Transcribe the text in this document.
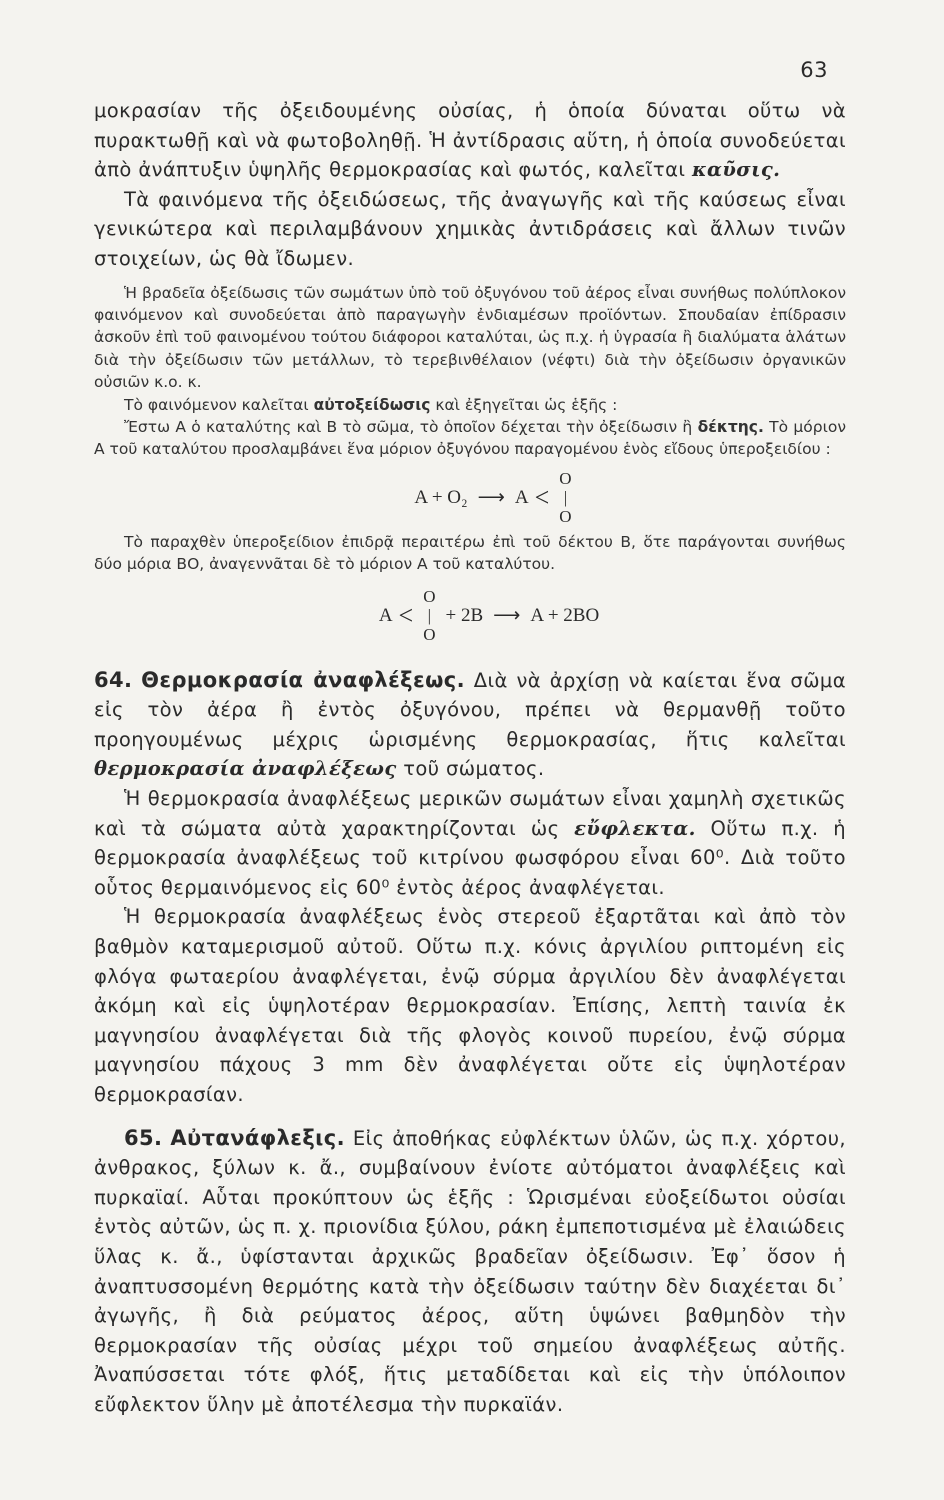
63

μοκρασίαν τῆς ὀξειδουμένης οὐσίας, ἡ ὁποία δύναται οὕτω νὰ πυρακτωθῇ καὶ νὰ φωτοβοληθῇ. Ἡ ἀντίδρασις αὕτη, ἡ ὁποία συνοδεύεται ἀπὸ ἀνάπτυξιν ὑψηλῆς θερμοκρασίας καὶ φωτός, καλεῖται καῦσις.

Τὰ φαινόμενα τῆς ὀξειδώσεως, τῆς ἀναγωγῆς καὶ τῆς καύσεως εἶναι γενικώτερα καὶ περιλαμβάνουν χημικὰς ἀντιδράσεις καὶ ἄλλων τινῶν στοιχείων, ὡς θὰ ἴδωμεν.

Ἡ βραδεῖα ὀξείδωσις τῶν σωμάτων ὑπὸ τοῦ ὀξυγόνου τοῦ ἀέρος εἶναι συνήθως πολύπλοκον φαινόμενον καὶ συνοδεύεται ἀπὸ παραγωγὴν ἐνδιαμέσων προϊόντων. Σπουδαίαν ἐπίδρασιν ἀσκοῦν ἐπὶ τοῦ φαινομένου τούτου διάφοροι καταλύται, ὡς π.χ. ἡ ὑγρασία ἢ διαλύματα ἁλάτων διὰ τὴν ὀξείδωσιν τῶν μετάλλων, τὸ τερεβινθέλαιον (νέφτι) διὰ τὴν ὀξείδωσιν ὀργανικῶν οὐσιῶν κ.ο. κ.

Τὸ φαινόμενον καλεῖται αὐτοξείδωσις καὶ ἐξηγεῖται ὡς ἑξῆς :

Ἔστω Α ὁ καταλύτης καὶ Β τὸ σῶμα, τὸ ὁποῖον δέχεται τὴν ὀξείδωσιν ἢ δέκτης. Τὸ μόριον Α τοῦ καταλύτου προσλαμβάνει ἕνα μόριον ὀξυγόνου παραγομένου ἑνὸς εἴδους ὑπεροξειδίου :

A + O₂ ⟶ A <
O
|
O

Τὸ παραχθὲν ὑπεροξείδιον ἐπιδρᾷ περαιτέρω ἐπὶ τοῦ δέκτου Β, ὅτε παράγονται συνήθως δύο μόρια ΒΟ, ἀναγεννᾶται δὲ τὸ μόριον Α τοῦ καταλύτου.

A <
O
|
O
+ 2B ⟶ A + 2BO

64. Θερμοκρασία ἀναφλέξεως. Διὰ νὰ ἀρχίσῃ νὰ καίεται ἕνα σῶμα εἰς τὸν ἀέρα ἢ ἐντὸς ὀξυγόνου, πρέπει νὰ θερμανθῇ τοῦτο προηγουμένως μέχρις ὡρισμένης θερμοκρασίας, ἥτις καλεῖται θερμοκρασία ἀναφλέξεως τοῦ σώματος.

Ἡ θερμοκρασία ἀναφλέξεως μερικῶν σωμάτων εἶναι χαμηλὴ σχετικῶς καὶ τὰ σώματα αὐτὰ χαρακτηρίζονται ὡς εὔφλεκτα. Οὕτω π.χ. ἡ θερμοκρασία ἀναφλέξεως τοῦ κιτρίνου φωσφόρου εἶναι 60⁰. Διὰ τοῦτο οὗτος θερμαινόμενος εἰς 60⁰ ἐντὸς ἀέρος ἀναφλέγεται.

Ἡ θερμοκρασία ἀναφλέξεως ἑνὸς στερεοῦ ἐξαρτᾶται καὶ ἀπὸ τὸν βαθμὸν καταμερισμοῦ αὐτοῦ. Οὕτω π.χ. κόνις ἀργιλίου ριπτομένη εἰς φλόγα φωταερίου ἀναφλέγεται, ἐνῷ σύρμα ἀργιλίου δὲν ἀναφλέγεται ἀκόμη καὶ εἰς ὑψηλοτέραν θερμοκρασίαν. Ἐπίσης, λεπτὴ ταινία ἐκ μαγνησίου ἀναφλέγεται διὰ τῆς φλογὸς κοινοῦ πυρείου, ἐνῷ σύρμα μαγνησίου πάχους 3 mm δὲν ἀναφλέγεται οὔτε εἰς ὑψηλοτέραν θερμοκρασίαν.

65. Αὐτανάφλεξις. Εἰς ἀποθήκας εὐφλέκτων ὑλῶν, ὡς π.χ. χόρτου, ἀνθρακος, ξύλων κ. ἄ., συμβαίνουν ἐνίοτε αὐτόματοι ἀναφλέξεις καὶ πυρκαϊαί. Αὗται προκύπτουν ὡς ἑξῆς : Ὡρισμέναι εὐοξείδωτοι οὐσίαι ἐντὸς αὐτῶν, ὡς π. χ. πριονίδια ξύλου, ράκη ἐμπεποτισμένα μὲ ἐλαιώδεις ὕλας κ. ἄ., ὑφίστανται ἀρχικῶς βραδεῖαν ὀξείδωσιν. Ἐφ᾽ ὅσον ἡ ἀναπτυσσομένη θερμότης κατὰ τὴν ὀξείδωσιν ταύτην δὲν διαχέεται δι᾽ ἀγωγῆς, ἢ διὰ ρεύματος ἀέρος, αὕτη ὑψώνει βαθμηδὸν τὴν θερμοκρασίαν τῆς οὐσίας μέχρι τοῦ σημείου ἀναφλέξεως αὐτῆς. Ἀναπύσσεται τότε φλόξ, ἥτις μεταδίδεται καὶ εἰς τὴν ὑπόλοιπον εὔφλεκτον ὕλην μὲ ἀποτέλεσμα τὴν πυρκαϊάν.
